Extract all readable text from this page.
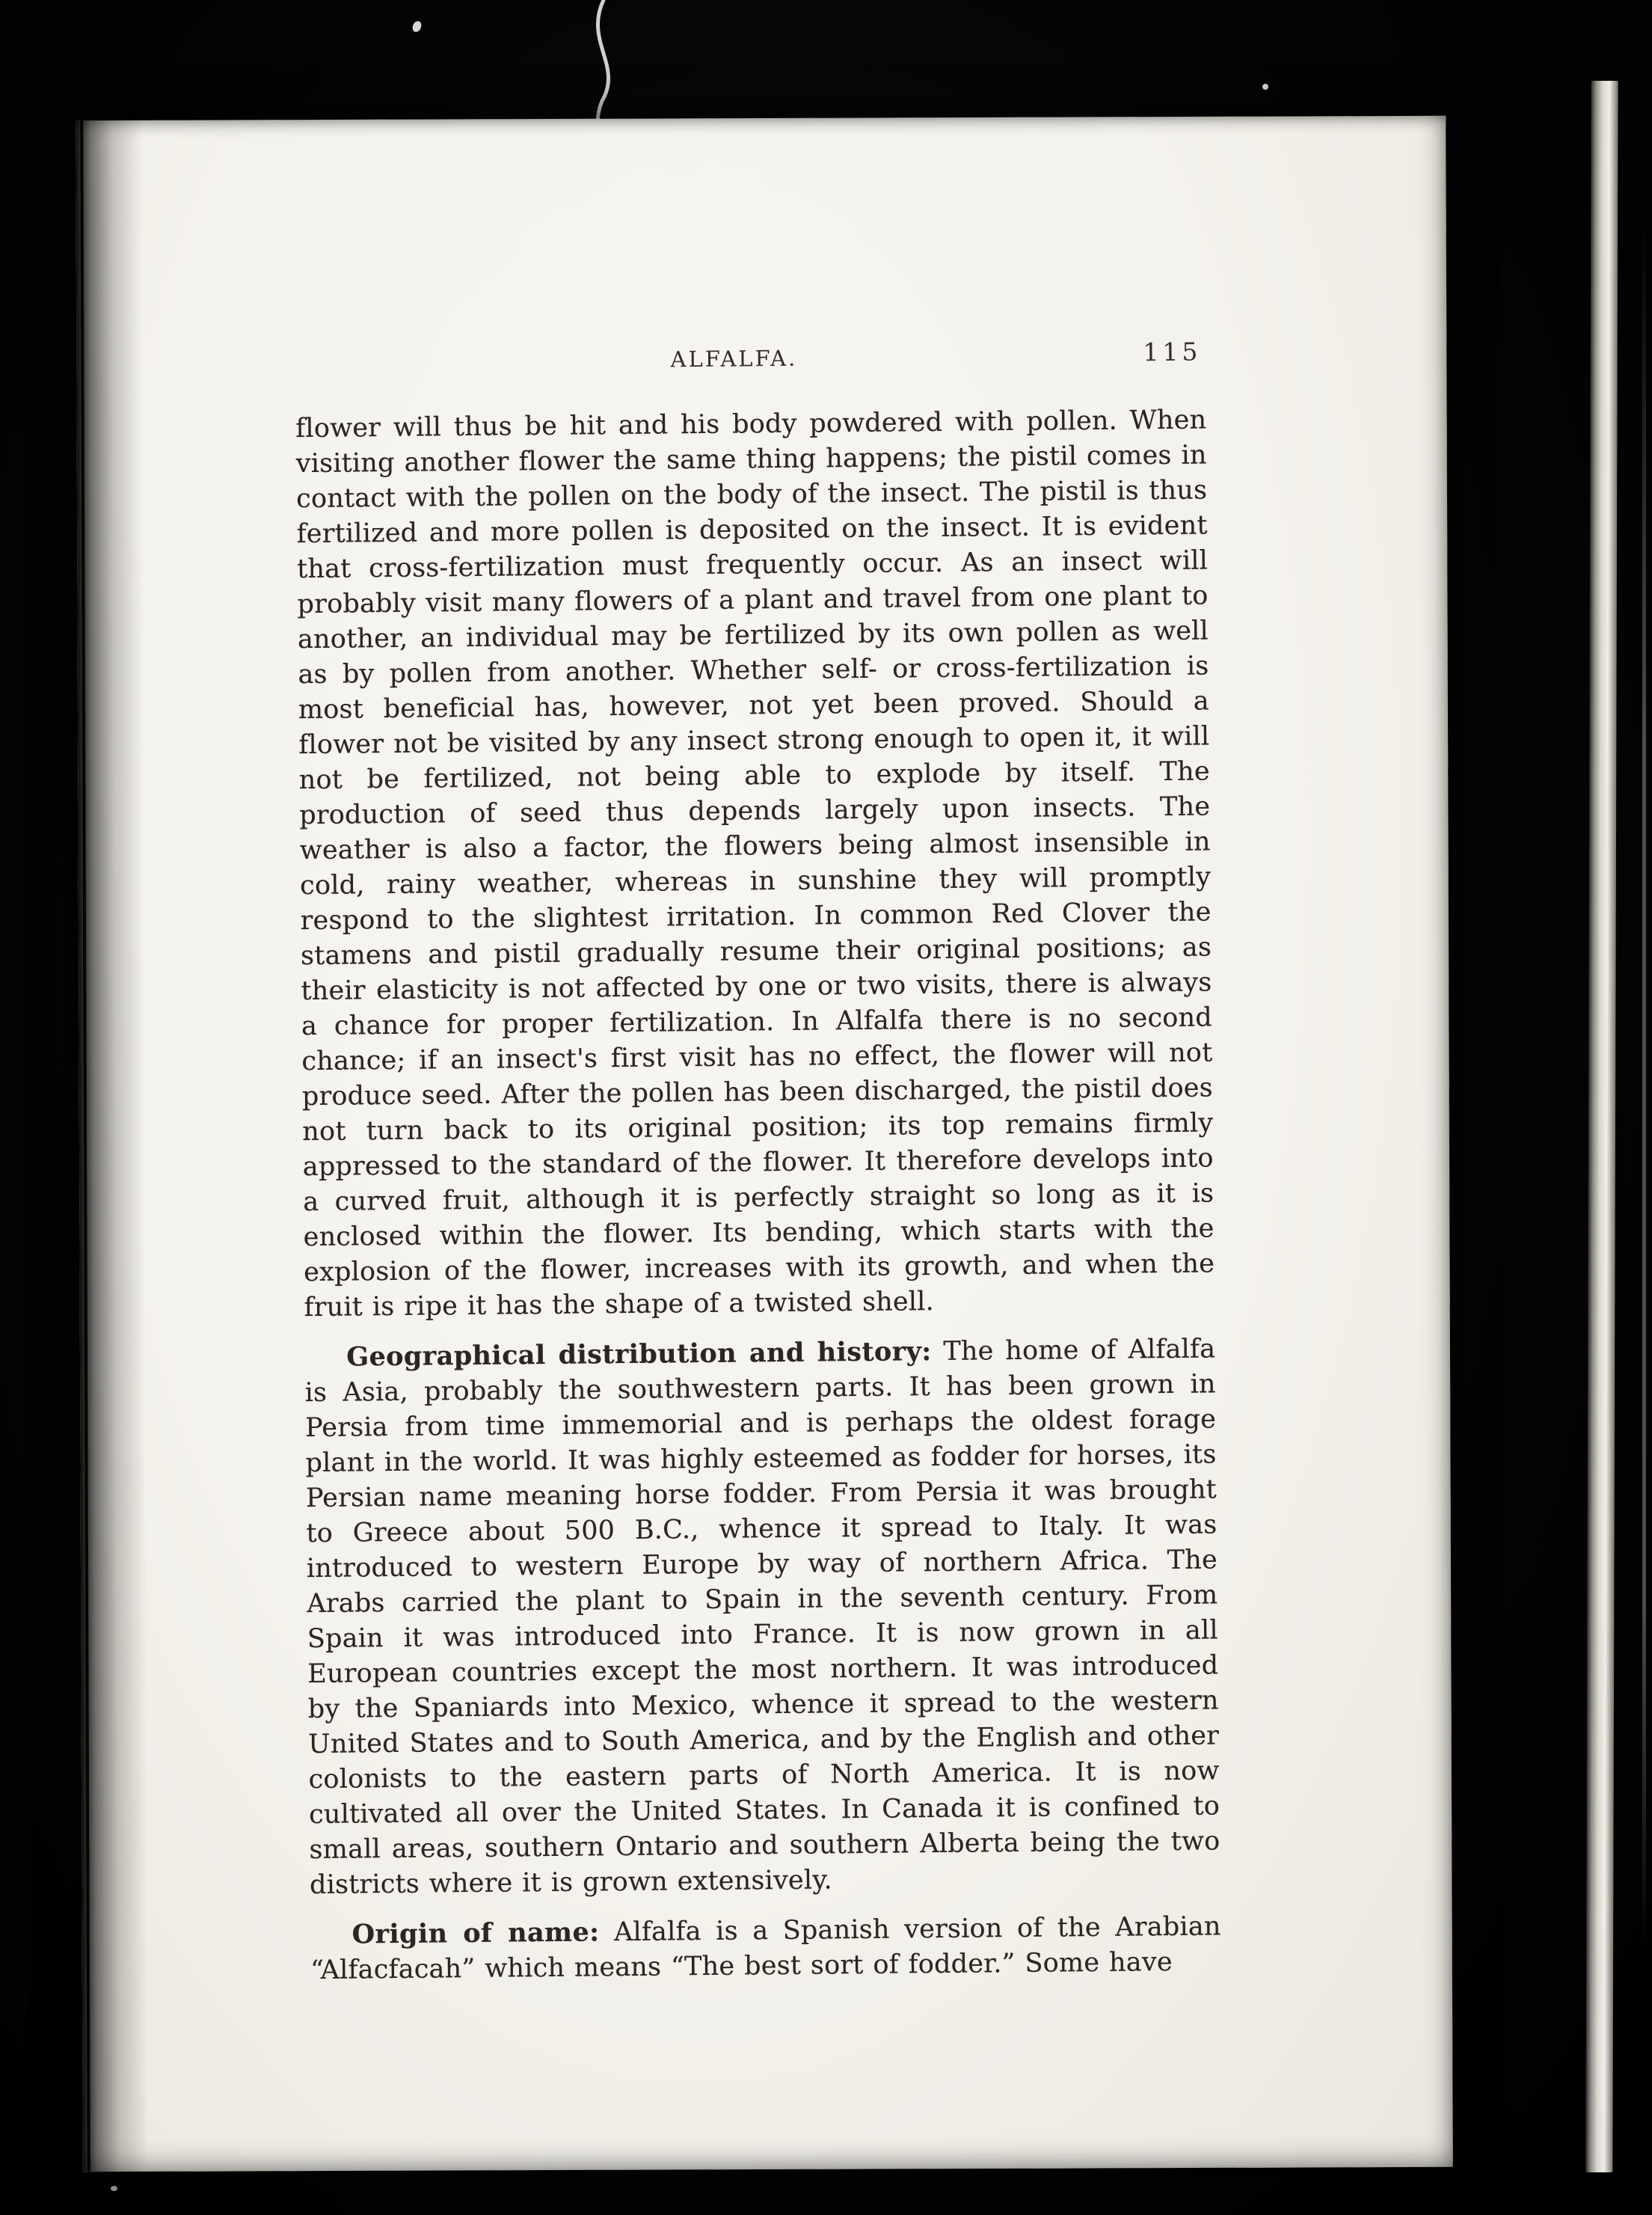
ALFALFA.	115

flower will thus be hit and his body powdered with pollen. When visiting another flower the same thing happens; the pistil comes in contact with the pollen on the body of the insect. The pistil is thus fertilized and more pollen is deposited on the insect. It is evident that cross-fertilization must frequently occur. As an insect will probably visit many flowers of a plant and travel from one plant to another, an individual may be fertilized by its own pollen as well as by pollen from another. Whether self- or cross-fertilization is most beneficial has, however, not yet been proved. Should a flower not be visited by any insect strong enough to open it, it will not be fertilized, not being able to explode by itself. The production of seed thus depends largely upon insects. The weather is also a factor, the flowers being almost insensible in cold, rainy weather, whereas in sunshine they will promptly respond to the slightest irritation. In common Red Clover the stamens and pistil gradually resume their original positions; as their elasticity is not affected by one or two visits, there is always a chance for proper fertilization. In Alfalfa there is no second chance; if an insect's first visit has no effect, the flower will not produce seed. After the pollen has been discharged, the pistil does not turn back to its original position; its top remains firmly appressed to the standard of the flower. It therefore develops into a curved fruit, although it is perfectly straight so long as it is enclosed within the flower. Its bending, which starts with the explosion of the flower, increases with its growth, and when the fruit is ripe it has the shape of a twisted shell.

Geographical distribution and history: The home of Alfalfa is Asia, probably the southwestern parts. It has been grown in Persia from time immemorial and is perhaps the oldest forage plant in the world. It was highly esteemed as fodder for horses, its Persian name meaning horse fodder. From Persia it was brought to Greece about 500 B.C., whence it spread to Italy. It was introduced to western Europe by way of northern Africa. The Arabs carried the plant to Spain in the seventh century. From Spain it was introduced into France. It is now grown in all European countries except the most northern. It was introduced by the Spaniards into Mexico, whence it spread to the western United States and to South America, and by the English and other colonists to the eastern parts of North America. It is now cultivated all over the United States. In Canada it is confined to small areas, southern Ontario and southern Alberta being the two districts where it is grown extensively.

Origin of name: Alfalfa is a Spanish version of the Arabian “Alfacfacah” which means “The best sort of fodder.” Some have
